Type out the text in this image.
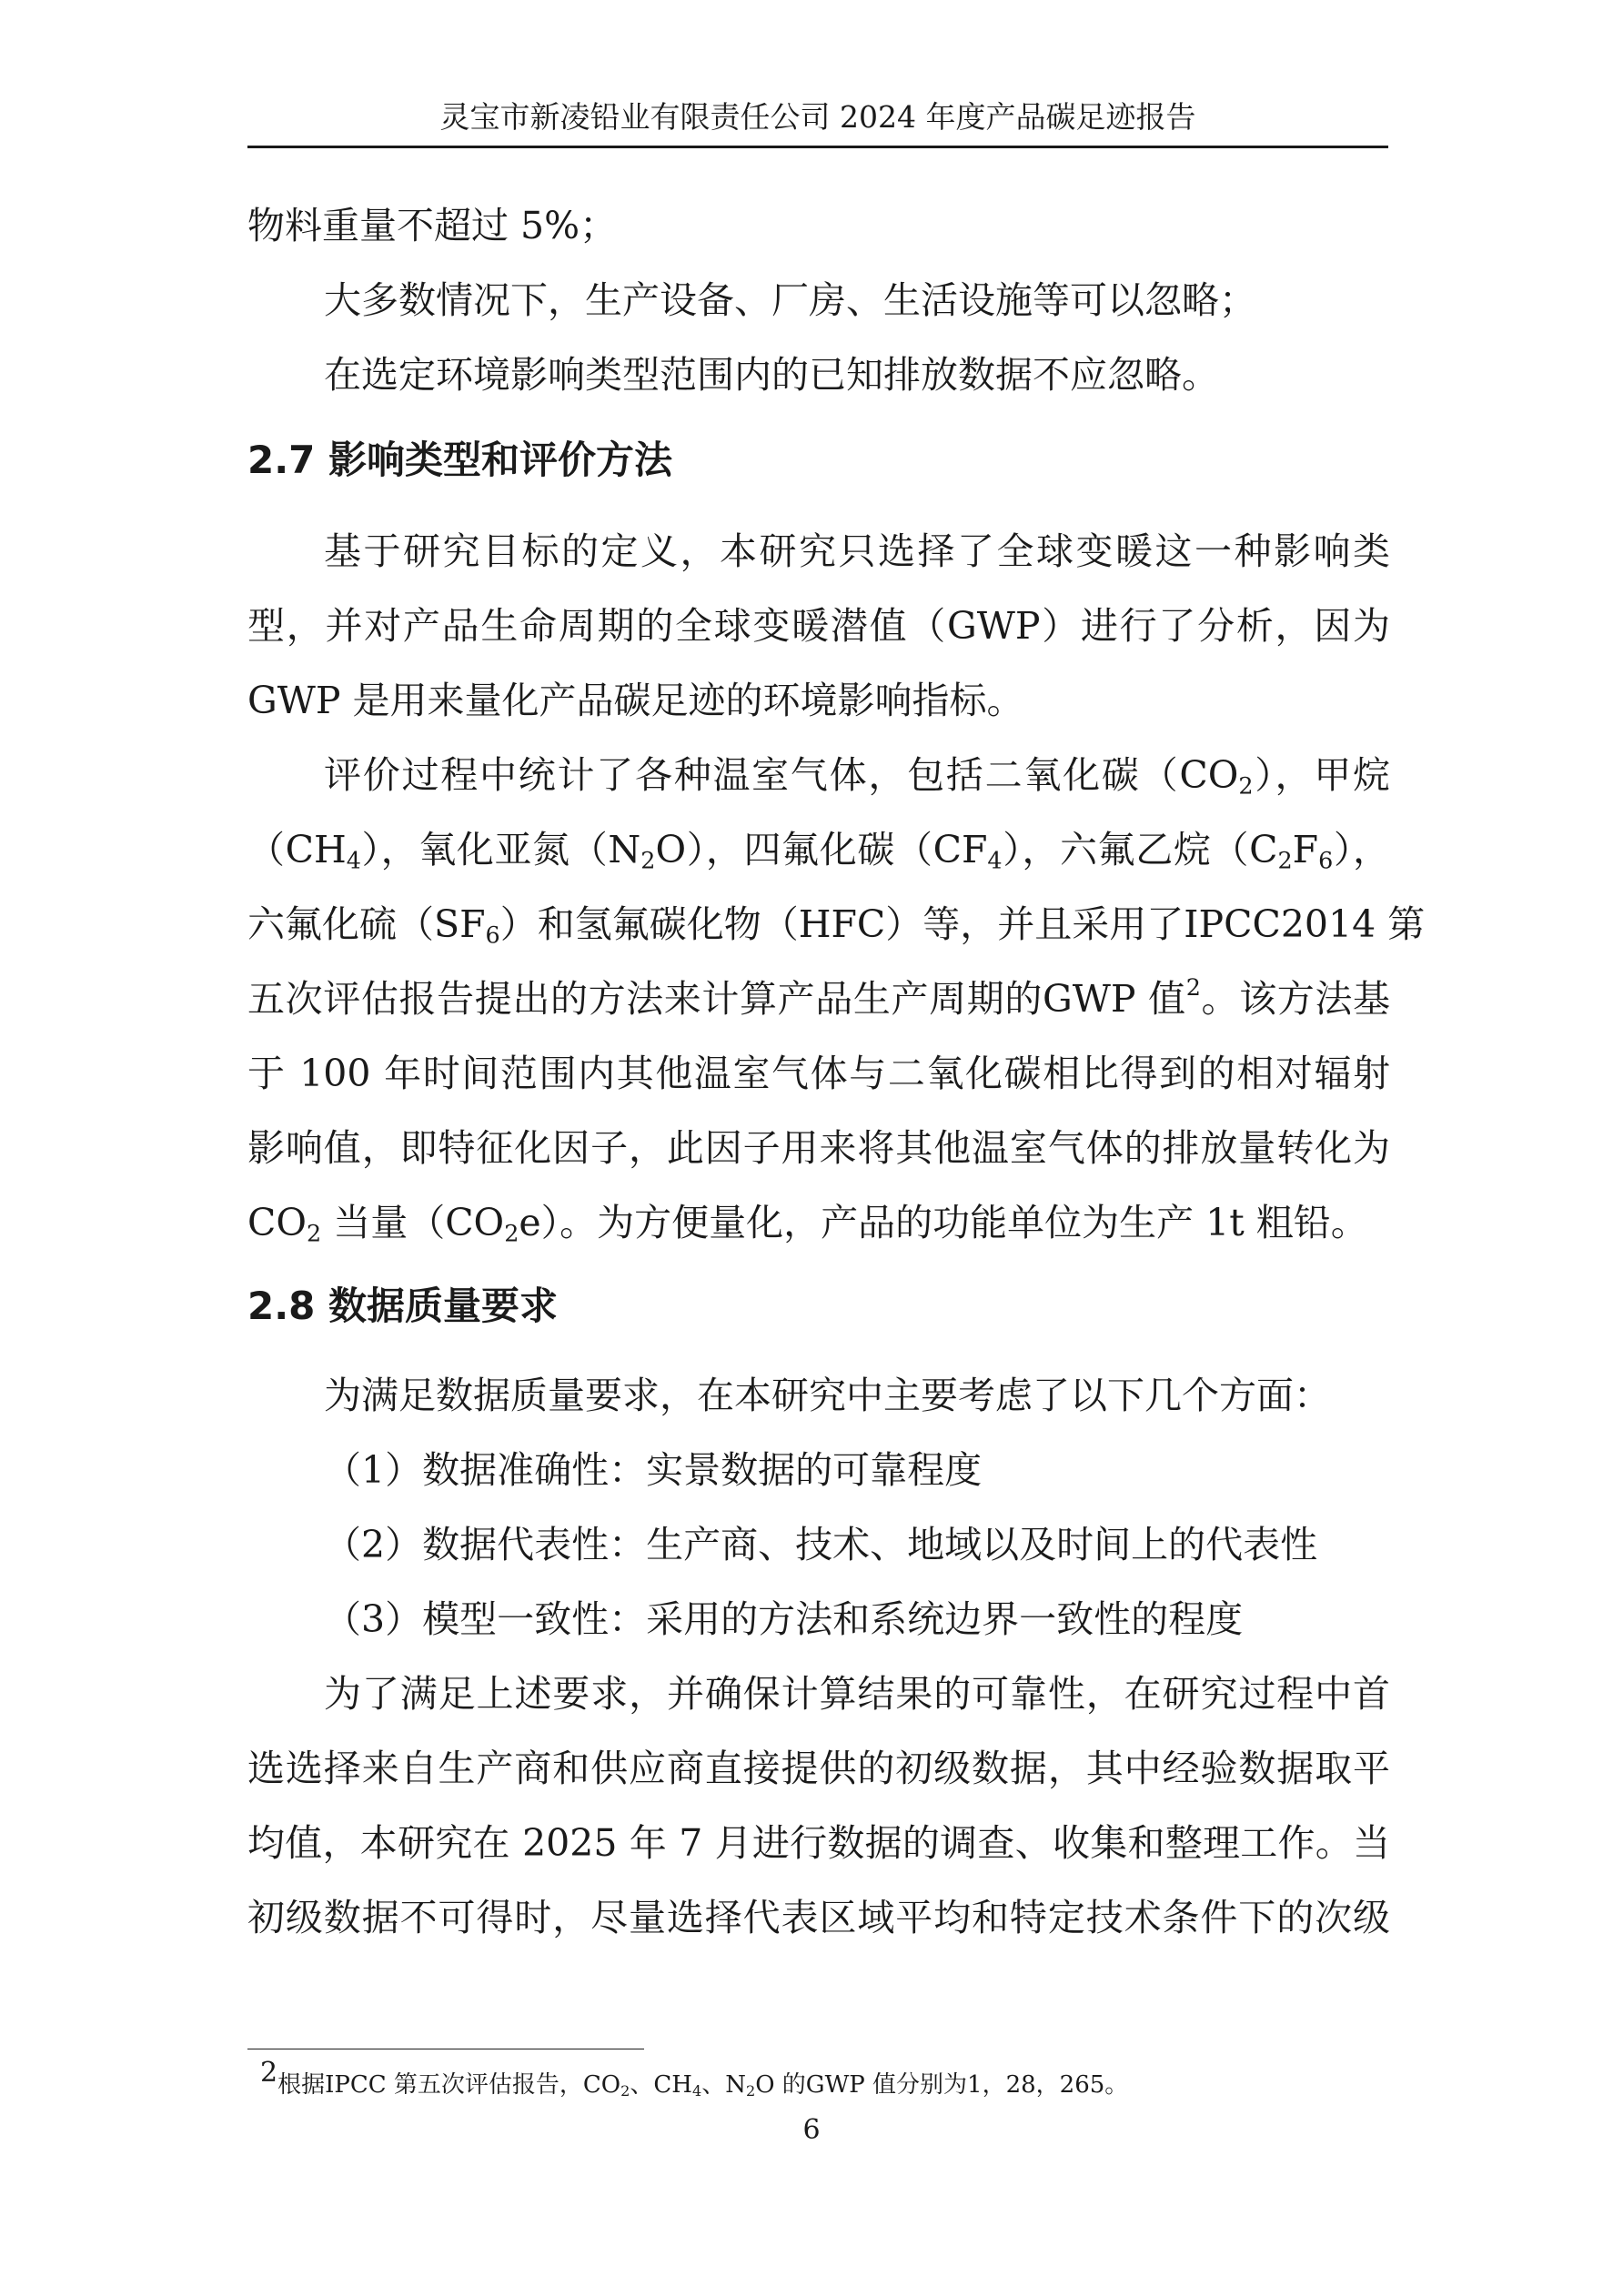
灵宝市新凌铅业有限责任公司 2024 年度产品碳足迹报告
物料重量不超过 5%；
大多数情况下，生产设备、厂房、生活设施等可以忽略；
在选定环境影响类型范围内的已知排放数据不应忽略。
2.7 影响类型和评价方法
基于研究目标的定义，本研究只选择了全球变暖这一种影响类
型，并对产品生命周期的全球变暖潜值（GWP）进行了分析，因为
GWP 是用来量化产品碳足迹的环境影响指标。
评价过程中统计了各种温室气体，包括二氧化碳$(CO_2)$，甲烷
$(CH_4)$，氧化亚氮$(N_2O)$，四氟化碳$(CF_4)$，六氟乙烷$(C_2F_6)$，
六氟化硫$(SF_6)$和氢氟碳化物（HFC）等，并且采用了IPCC2014 第
五次评估报告提出的方法来计算产品生产周期的GWP 值$^2$。该方法基
于 100 年时间范围内其他温室气体与二氧化碳相比得到的相对辐射
影响值，即特征化因子，此因子用来将其他温室气体的排放量转化为
$CO_2$ 当量$(CO_2e)$。为方便量化，产品的功能单位为生产 1t 粗铅。
2.8 数据质量要求
为满足数据质量要求，在本研究中主要考虑了以下几个方面：
（1）数据准确性：实景数据的可靠程度
（2）数据代表性：生产商、技术、地域以及时间上的代表性
（3）模型一致性：采用的方法和系统边界一致性的程度
为了满足上述要求，并确保计算结果的可靠性，在研究过程中首
选选择来自生产商和供应商直接提供的初级数据，其中经验数据取平
均值，本研究在 2025 年 7 月进行数据的调查、收集和整理工作。当
初级数据不可得时，尽量选择代表区域平均和特定技术条件下的次级
2根据IPCC 第五次评估报告，$CO_2$、$CH_4$、$N_2O$ 的GWP 值分别为1，28，265。
6
